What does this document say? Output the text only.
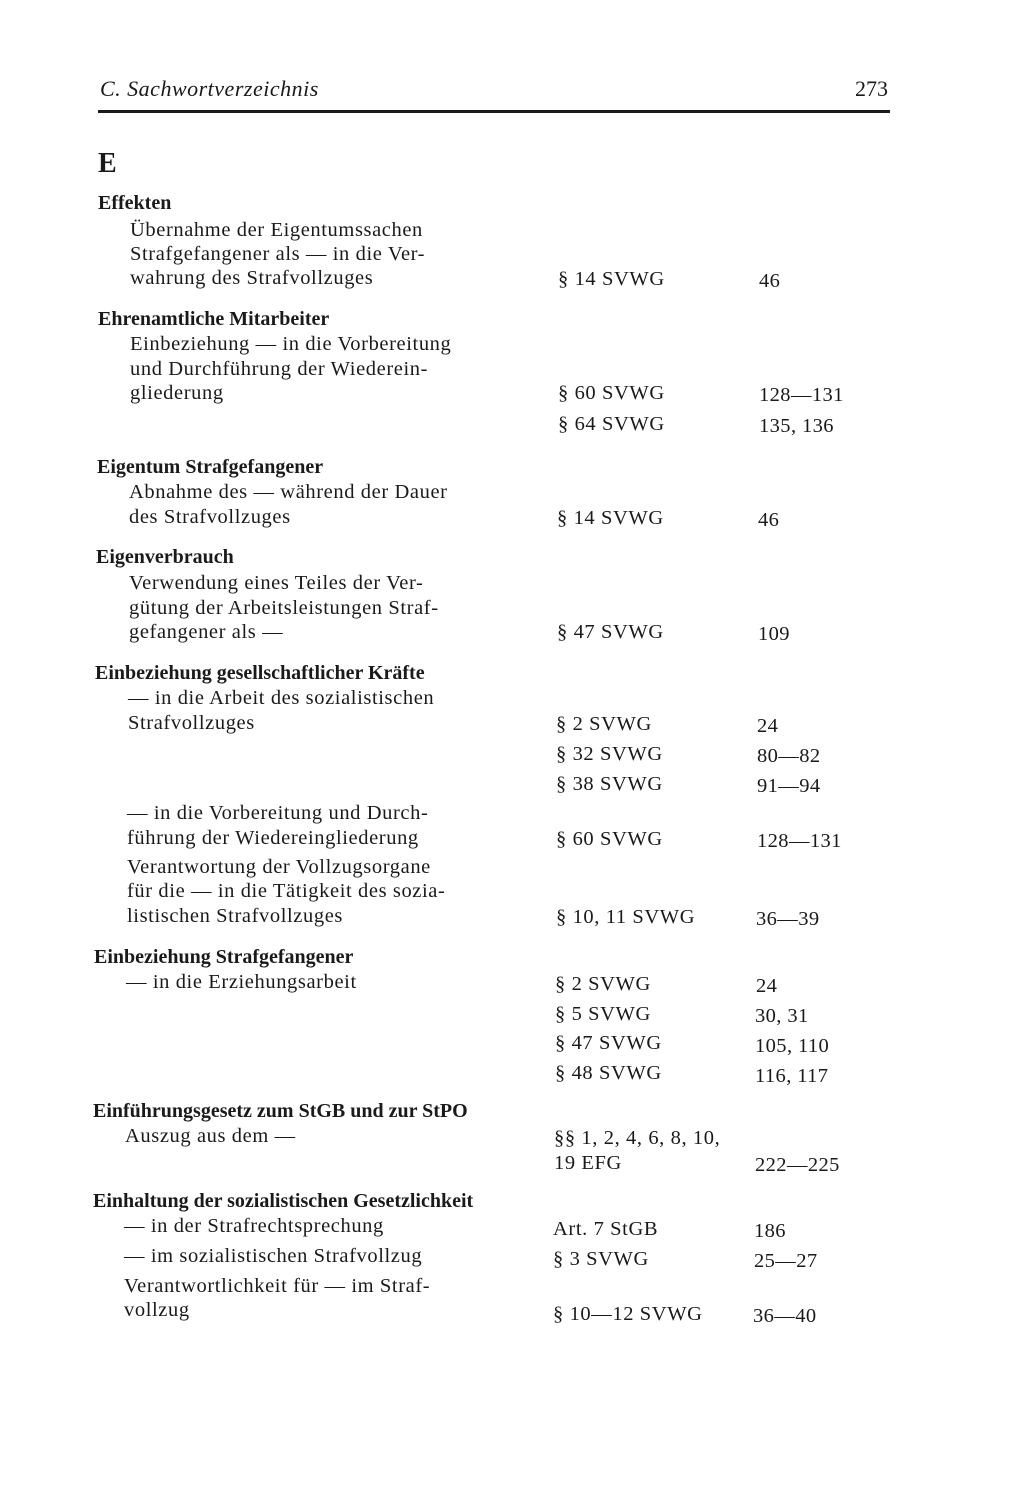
C. Sachwortverzeichnis	273
E
Effekten
Übernahme der Eigentumssachen
Strafgefangener als — in die Ver-
wahrung des Strafvollzuges	§ 14 SVWG	46
Ehrenamtliche Mitarbeiter
Einbeziehung — in die Vorbereitung
und Durchführung der Wiederein-
gliederung	§ 60 SVWG	128—131
§ 64 SVWG	135, 136
Eigentum Strafgefangener
Abnahme des — während der Dauer
des Strafvollzuges	§ 14 SVWG	46
Eigenverbrauch
Verwendung eines Teiles der Ver-
gütung der Arbeitsleistungen Straf-
gefangener als —	§ 47 SVWG	109
Einbeziehung gesellschaftlicher Kräfte
— in die Arbeit des sozialistischen
Strafvollzuges	§ 2 SVWG	24
§ 32 SVWG	80—82
§ 38 SVWG	91—94
— in die Vorbereitung und Durch-
führung der Wiedereingliederung	§ 60 SVWG	128—131
Verantwortung der Vollzugsorgane
für die — in die Tätigkeit des sozia-
listischen Strafvollzuges	§ 10, 11 SVWG	36—39
Einbeziehung Strafgefangener
— in die Erziehungsarbeit	§ 2 SVWG	24
§ 5 SVWG	30, 31
§ 47 SVWG	105, 110
§ 48 SVWG	116, 117
Einführungsgesetz zum StGB und zur StPO
Auszug aus dem —	§§ 1, 2, 4, 6, 8, 10,
19 EFG	222—225
Einhaltung der sozialistischen Gesetzlichkeit
— in der Strafrechtsprechung	Art. 7 StGB	186
— im sozialistischen Strafvollzug	§ 3 SVWG	25—27
Verantwortlichkeit für — im Straf-
vollzug	§ 10—12 SVWG 36—40
